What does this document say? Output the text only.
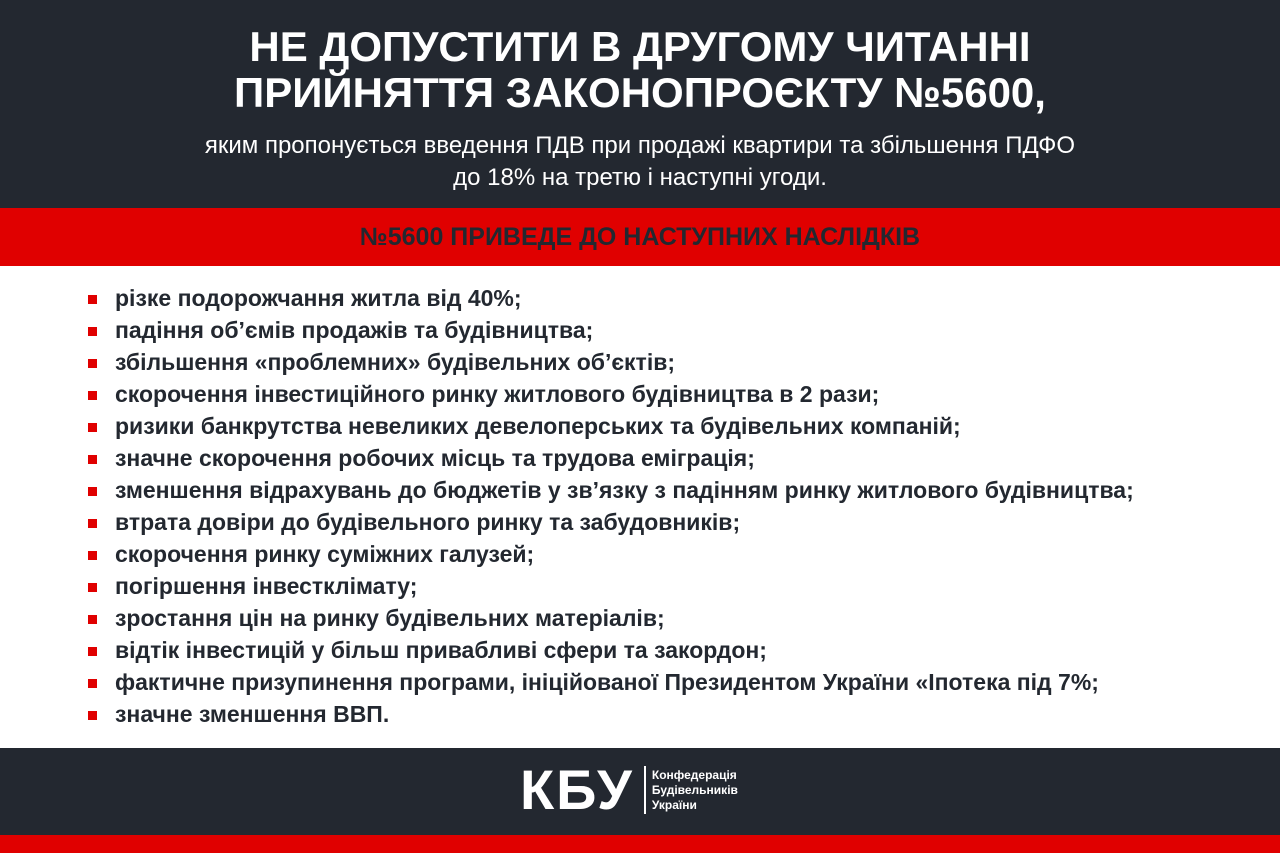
НЕ ДОПУСТИТИ В ДРУГОМУ ЧИТАННІ
ПРИЙНЯТТЯ ЗАКОНОПРОЄКТУ №5600,
яким пропонується введення ПДВ при продажі квартири та збільшення ПДФО
до 18% на третю і наступні угоди.
№5600 ПРИВЕДЕ ДО НАСТУПНИХ НАСЛІДКІВ
різке подорожчання житла від 40%;
падіння об’ємів продажів та будівництва;
збільшення «проблемних» будівельних об’єктів;
скорочення інвестиційного ринку житлового будівництва в 2 рази;
ризики банкрутства невеликих девелоперських та будівельних компаній;
значне скорочення робочих місць та трудова еміграція;
зменшення відрахувань до бюджетів у зв’язку з падінням ринку житлового будівництва;
втрата довіри до будівельного ринку та забудовників;
скорочення ринку суміжних галузей;
погіршення інвестклімату;
зростання цін на ринку будівельних матеріалів;
відтік інвестицій у більш привабливі сфери та закордон;
фактичне призупинення програми, ініційованої Президентом України «Іпотека під 7%;
значне зменшення ВВП.
КБУ Конфедерація
Будівельників
України
